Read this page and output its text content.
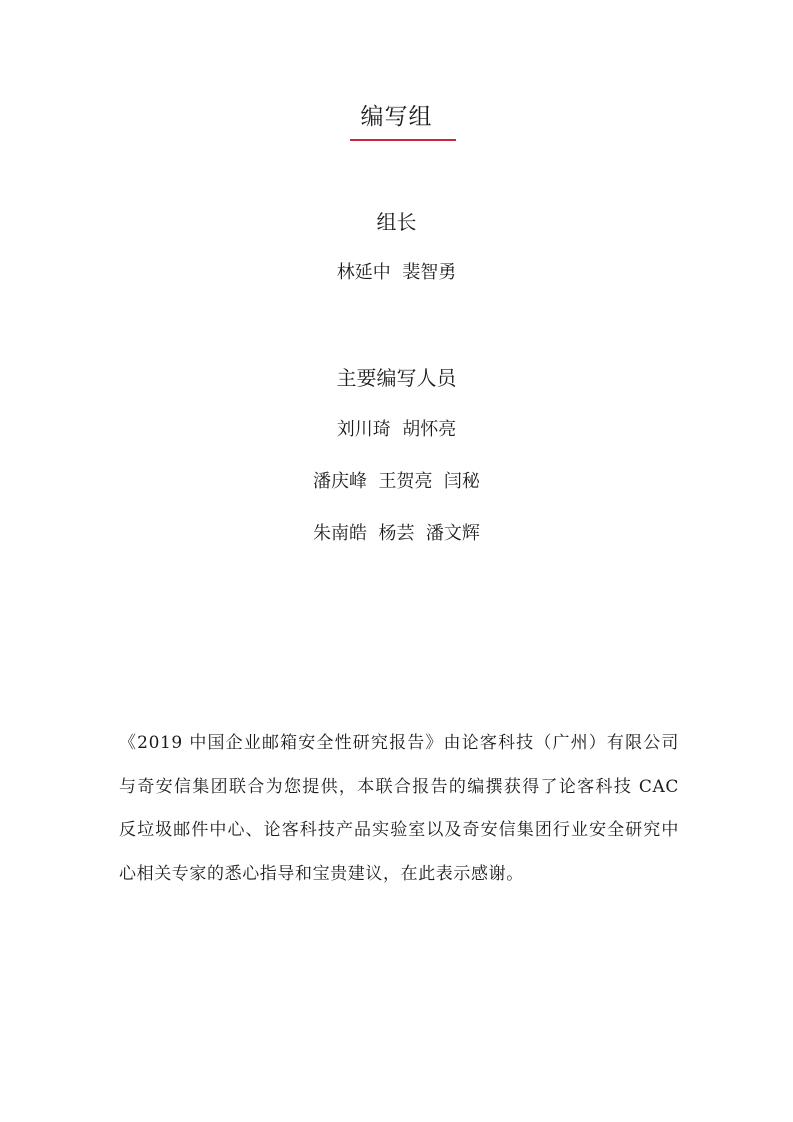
编写组
组长
林延中  裴智勇
主要编写人员
刘川琦  胡怀亮
潘庆峰  王贺亮  闫秘
朱南皓  杨芸  潘文辉
《2019 中国企业邮箱安全性研究报告》由论客科技（广州）有限公司与奇安信集团联合为您提供，本联合报告的编撰获得了论客科技 CAC 反垃圾邮件中心、论客科技产品实验室以及奇安信集团行业安全研究中心相关专家的悉心指导和宝贵建议，在此表示感谢。
